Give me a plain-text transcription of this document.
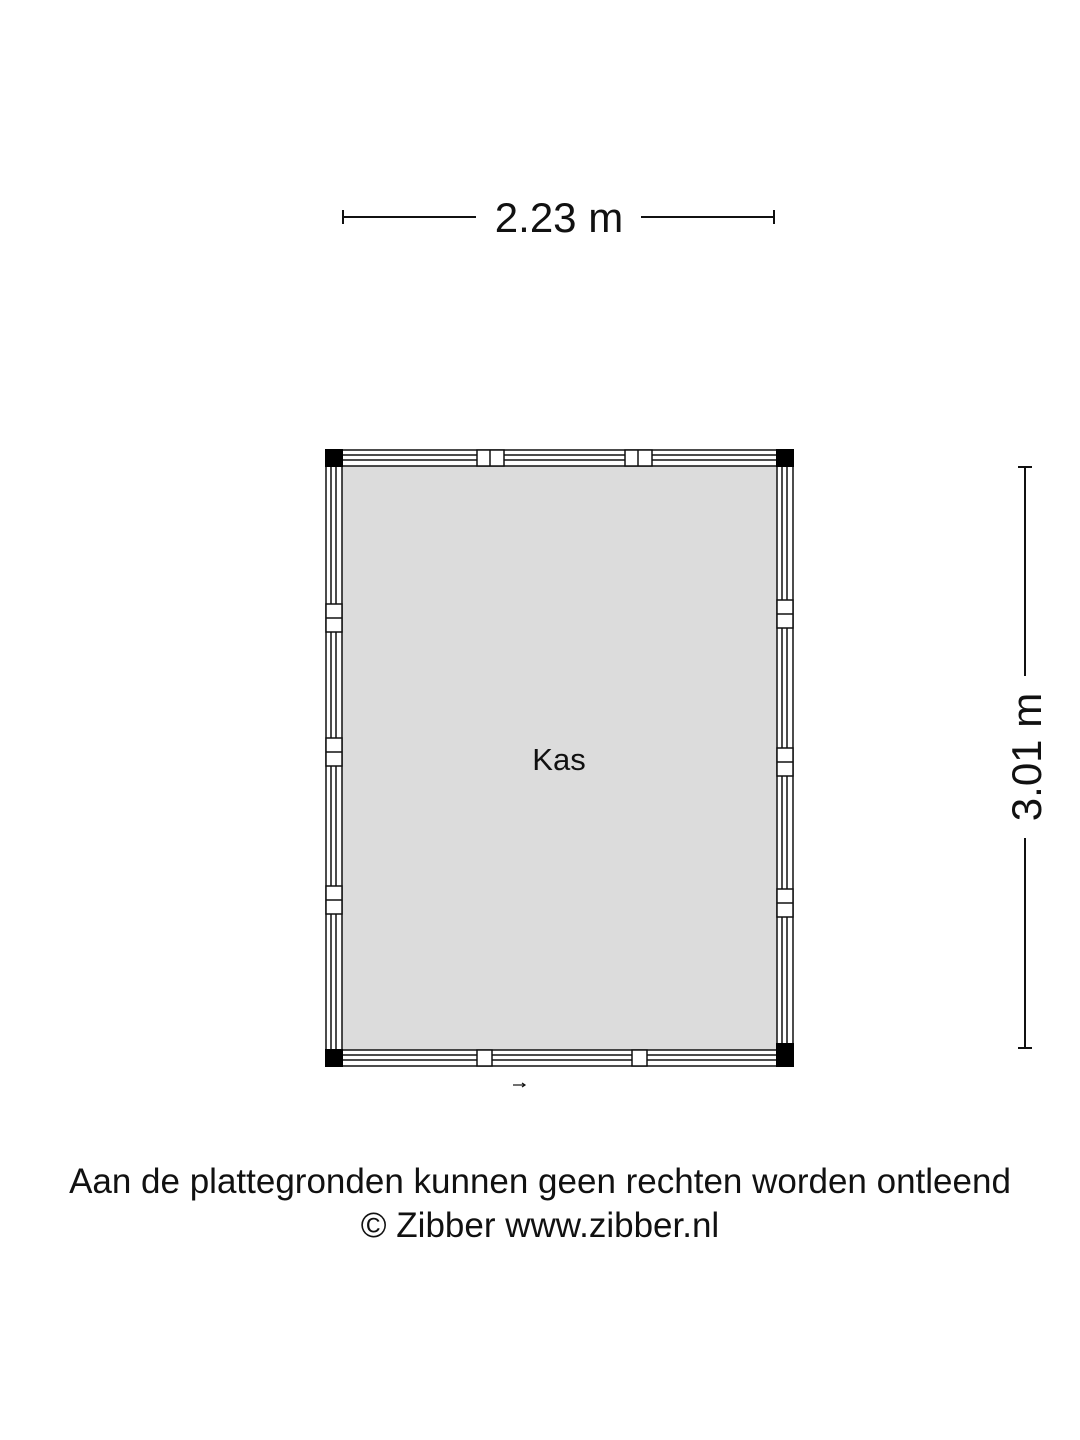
2.23 m
3.01 m
Kas
Aan de plattegronden kunnen geen rechten worden ontleend
© Zibber www.zibber.nl
